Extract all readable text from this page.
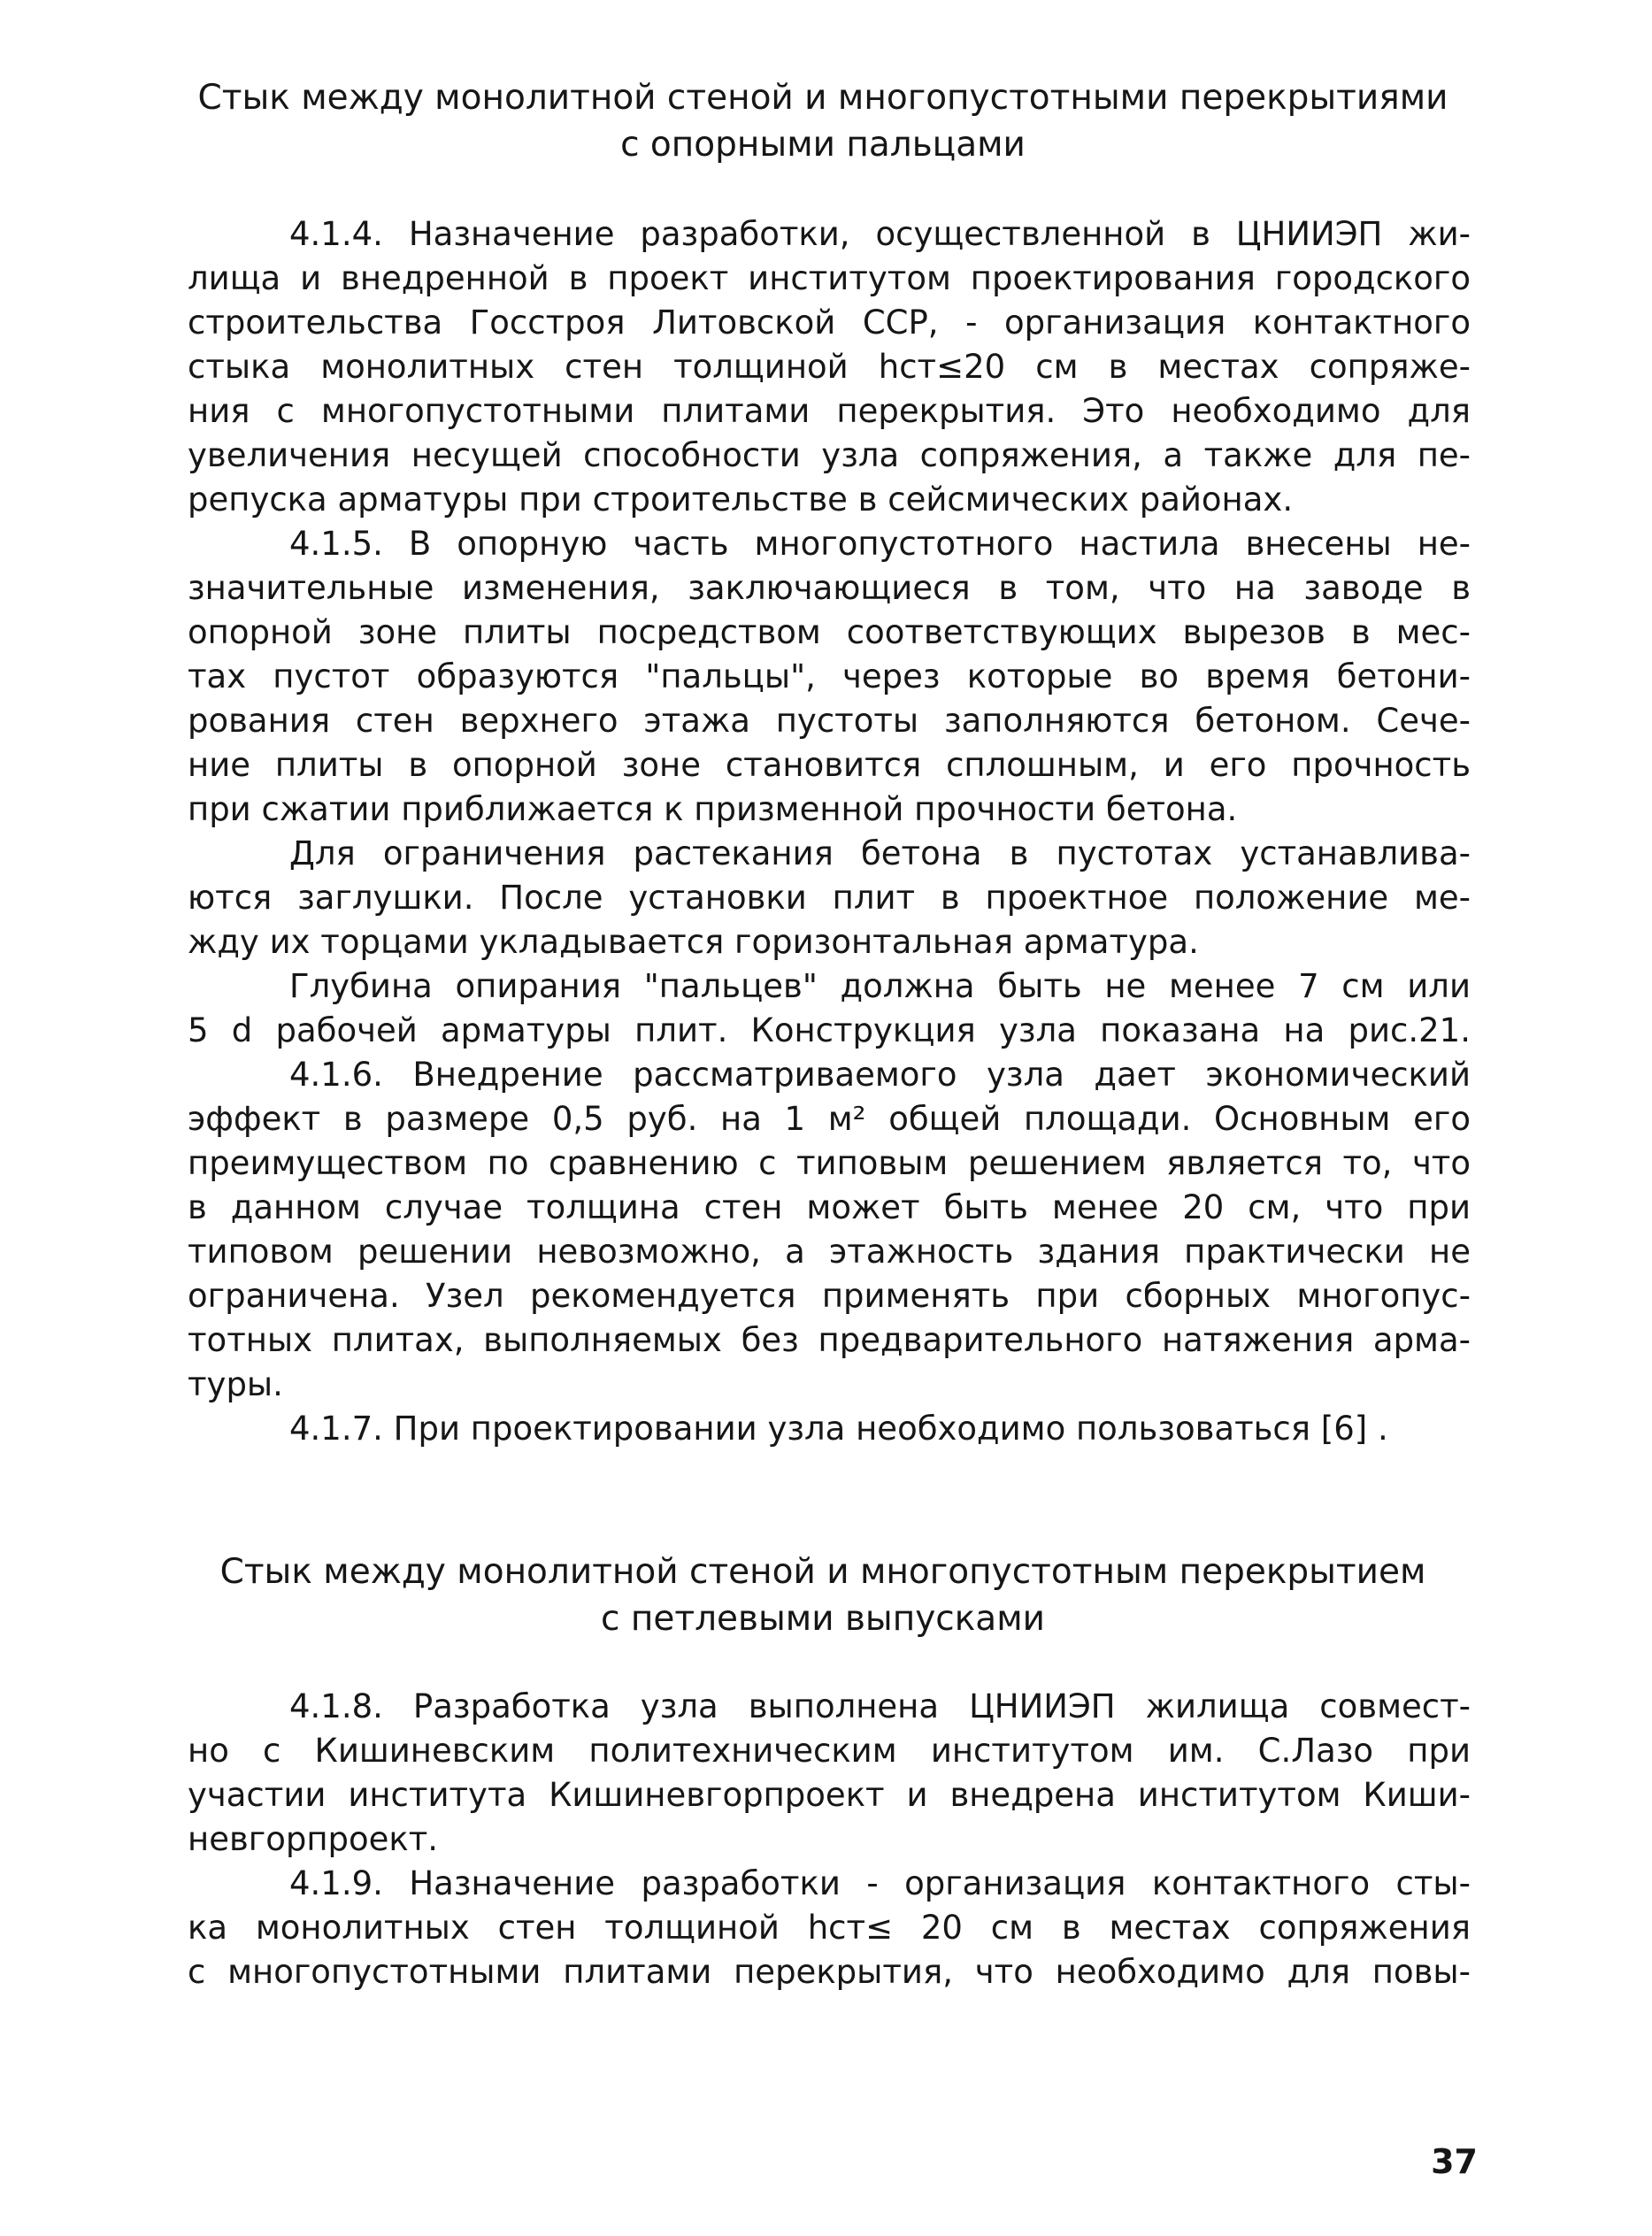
Стык между монолитной стеной и многопустотными перекрытиями
с опорными пальцами
4.1.4. Назначение разработки, осуществленной в ЦНИИЭП жи-
лища и внедренной в проект институтом проектирования городского
строительства Госстроя Литовской ССР, - организация контактного
стыка монолитных стен толщиной hст≤20 см в местах сопряже-
ния с многопустотными плитами перекрытия. Это необходимо для
увеличения несущей способности узла сопряжения, а также для пе-
репуска арматуры при строительстве в сейсмических районах.
4.1.5. В опорную часть многопустотного настила внесены не-
значительные изменения, заключающиеся в том, что на заводе в
опорной зоне плиты посредством соответствующих вырезов в мес-
тах пустот образуются "пальцы", через которые во время бетони-
рования стен верхнего этажа пустоты заполняются бетоном. Сече-
ние плиты в опорной зоне становится сплошным, и его прочность
при сжатии приближается к призменной прочности бетона.
Для ограничения растекания бетона в пустотах устанавлива-
ются заглушки. После установки плит в проектное положение ме-
жду их торцами укладывается горизонтальная арматура.
Глубина опирания "пальцев" должна быть не менее 7 см или
5 d рабочей арматуры плит. Конструкция узла показана на рис.21.
4.1.6. Внедрение рассматриваемого узла дает экономический
эффект в размере 0,5 руб. на 1 м² общей площади. Основным его
преимуществом по сравнению с типовым решением является то, что
в данном случае толщина стен может быть менее 20 см, что при
типовом решении невозможно, а этажность здания практически не
ограничена. Узел рекомендуется применять при сборных многопус-
тотных плитах, выполняемых без предварительного натяжения арма-
туры.
4.1.7. При проектировании узла необходимо пользоваться [6] .
Стык между монолитной стеной и многопустотным перекрытием
с петлевыми выпусками
4.1.8. Разработка узла выполнена ЦНИИЭП жилища совмест-
но с Кишиневским политехническим институтом им. С.Лазо при
участии института Кишиневгорпроект и внедрена институтом Киши-
невгорпроект.
4.1.9. Назначение разработки - организация контактного сты-
ка монолитных стен толщиной hст≤ 20 см в местах сопряжения
с многопустотными плитами перекрытия, что необходимо для повы-
37
